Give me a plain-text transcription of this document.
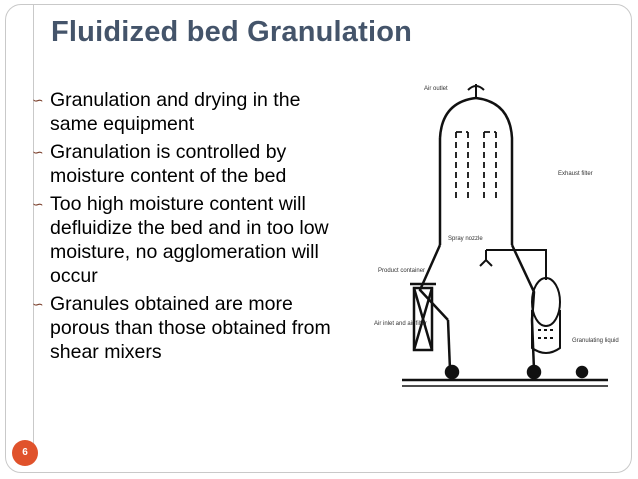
Fluidized bed Granulation
∽ Granulation and drying in the same equipment
∽ Granulation is controlled by moisture content of the bed
∽ Too high moisture content will defluidize the bed and in too low moisture, no agglomeration will occur
∽ Granules obtained are more porous than those obtained from shear mixers
Air outlet
Exhaust filter
Spray nozzle
Product container
Granulating liquid
Air inlet and air filter
6
